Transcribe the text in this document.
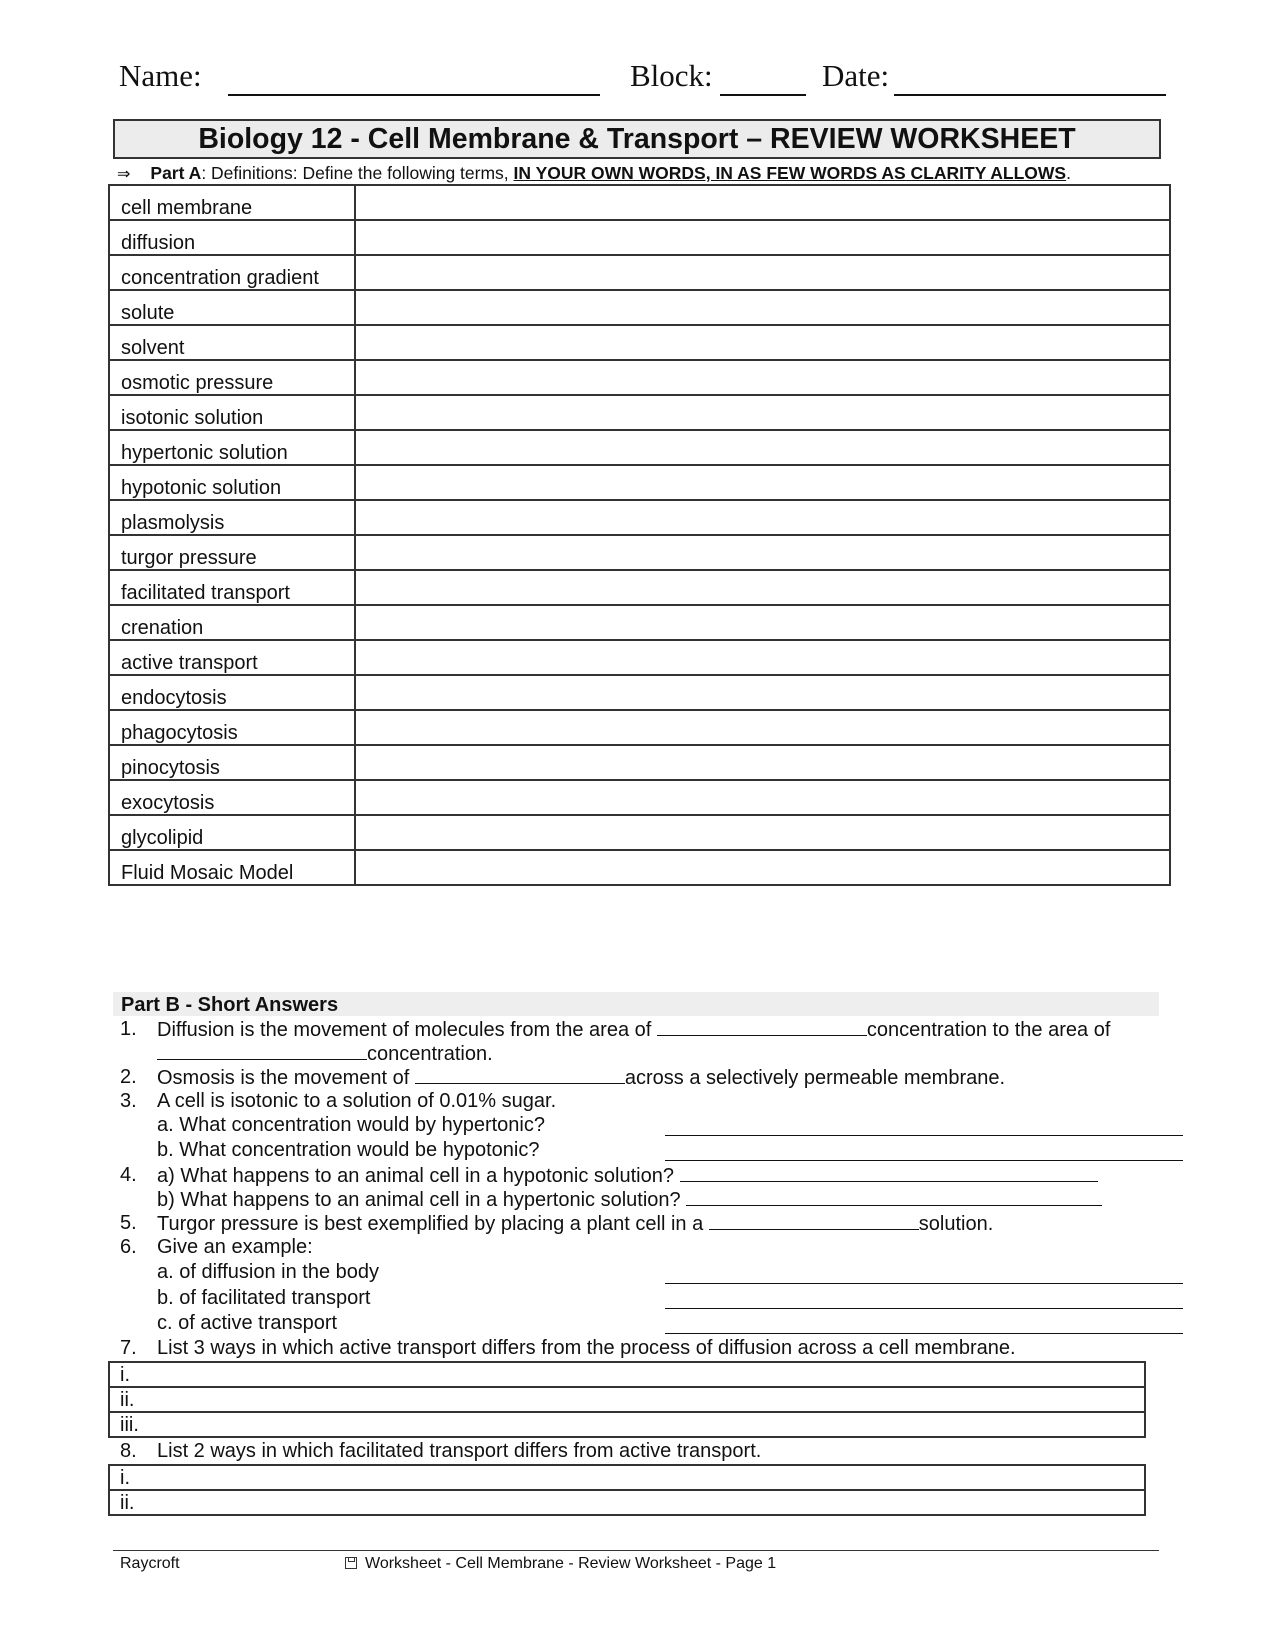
Name:	Block:	Date:
Biology 12 - Cell Membrane & Transport – REVIEW WORKSHEET
⇒ Part A: Definitions: Define the following terms, IN YOUR OWN WORDS, IN AS FEW WORDS AS CLARITY ALLOWS.
cell membrane	
diffusion	
concentration gradient	
solute	
solvent	
osmotic pressure	
isotonic solution	
hypertonic solution	
hypotonic solution	
plasmolysis	
turgor pressure	
facilitated transport	
crenation	
active transport	
endocytosis	
phagocytosis	
pinocytosis	
exocytosis	
glycolipid	
Fluid Mosaic Model	
Part B - Short Answers
1. Diffusion is the movement of molecules from the area of	concentration to the area of
concentration.
2. Osmosis is the movement of	across a selectively permeable membrane.
3. A cell is isotonic to a solution of 0.01% sugar.
a. What concentration would by hypertonic?
b. What concentration would be hypotonic?
4. a) What happens to an animal cell in a hypotonic solution?
b) What happens to an animal cell in a hypertonic solution?
5. Turgor pressure is best exemplified by placing a plant cell in a	solution.
6. Give an example:
a. of diffusion in the body
b. of facilitated transport
c. of active transport
7. List 3 ways in which active transport differs from the process of diffusion across a cell membrane.
i.
ii.
iii.
8. List 2 ways in which facilitated transport differs from active transport.
i.
ii.
Raycroft	Worksheet - Cell Membrane - Review Worksheet - Page 1
